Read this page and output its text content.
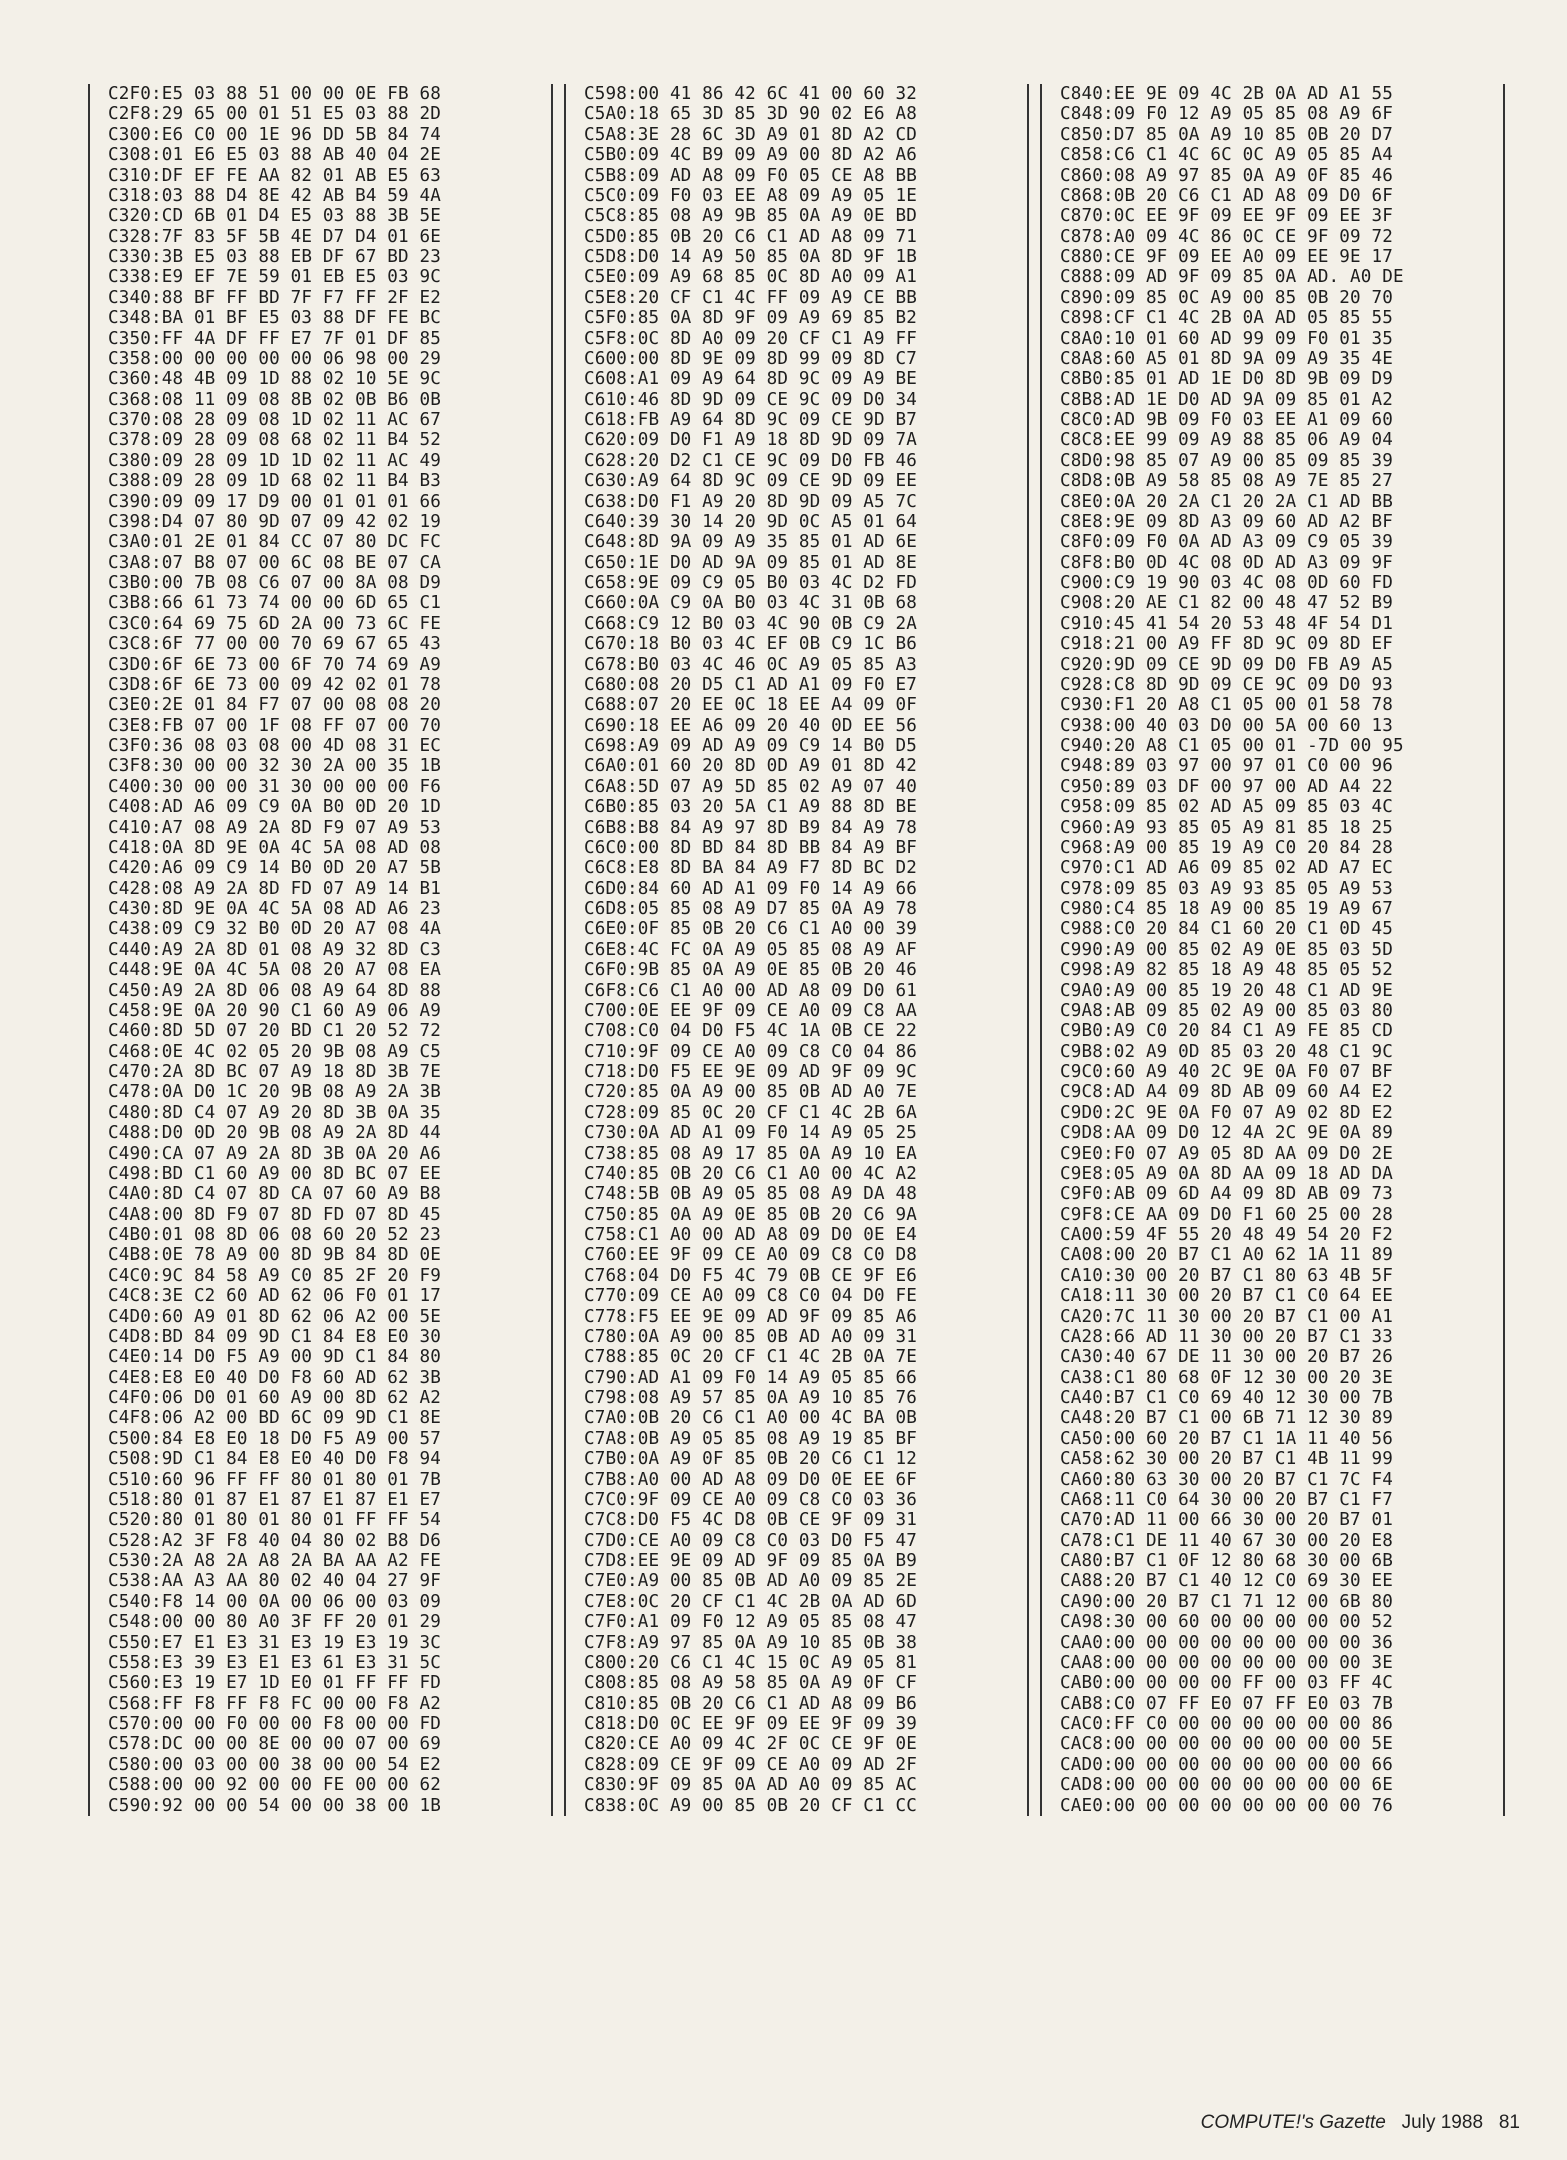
C2F0:E5 03 88 51 00 00 0E FB 68
C2F8:29 65 00 01 51 E5 03 88 2D
C300:E6 C0 00 1E 96 DD 5B 84 74
C308:01 E6 E5 03 88 AB 40 04 2E
C310:DF EF FE AA 82 01 AB E5 63
C318:03 88 D4 8E 42 AB B4 59 4A
C320:CD 6B 01 D4 E5 03 88 3B 5E
C328:7F 83 5F 5B 4E D7 D4 01 6E
C330:3B E5 03 88 EB DF 67 BD 23
C338:E9 EF 7E 59 01 EB E5 03 9C
C340:88 BF FF BD 7F F7 FF 2F E2
C348:BA 01 BF E5 03 88 DF FE BC
C350:FF 4A DF FF E7 7F 01 DF 85
C358:00 00 00 00 00 06 98 00 29
C360:48 4B 09 1D 88 02 10 5E 9C
C368:08 11 09 08 8B 02 0B B6 0B
C370:08 28 09 08 1D 02 11 AC 67
C378:09 28 09 08 68 02 11 B4 52
C380:09 28 09 1D 1D 02 11 AC 49
C388:09 28 09 1D 68 02 11 B4 B3
C390:09 09 17 D9 00 01 01 01 66
C398:D4 07 80 9D 07 09 42 02 19
C3A0:01 2E 01 84 CC 07 80 DC FC
C3A8:07 B8 07 00 6C 08 BE 07 CA
C3B0:00 7B 08 C6 07 00 8A 08 D9
C3B8:66 61 73 74 00 00 6D 65 C1
C3C0:64 69 75 6D 2A 00 73 6C FE
C3C8:6F 77 00 00 70 69 67 65 43
C3D0:6F 6E 73 00 6F 70 74 69 A9
C3D8:6F 6E 73 00 09 42 02 01 78
C3E0:2E 01 84 F7 07 00 08 08 20
C3E8:FB 07 00 1F 08 FF 07 00 70
C3F0:36 08 03 08 00 4D 08 31 EC
C3F8:30 00 00 32 30 2A 00 35 1B
C400:30 00 00 31 30 00 00 00 F6
C408:AD A6 09 C9 0A B0 0D 20 1D
C410:A7 08 A9 2A 8D F9 07 A9 53
C418:0A 8D 9E 0A 4C 5A 08 AD 08
C420:A6 09 C9 14 B0 0D 20 A7 5B
C428:08 A9 2A 8D FD 07 A9 14 B1
C430:8D 9E 0A 4C 5A 08 AD A6 23
C438:09 C9 32 B0 0D 20 A7 08 4A
C440:A9 2A 8D 01 08 A9 32 8D C3
C448:9E 0A 4C 5A 08 20 A7 08 EA
C450:A9 2A 8D 06 08 A9 64 8D 88
C458:9E 0A 20 90 C1 60 A9 06 A9
C460:8D 5D 07 20 BD C1 20 52 72
C468:0E 4C 02 05 20 9B 08 A9 C5
C470:2A 8D BC 07 A9 18 8D 3B 7E
C478:0A D0 1C 20 9B 08 A9 2A 3B
C480:8D C4 07 A9 20 8D 3B 0A 35
C488:D0 0D 20 9B 08 A9 2A 8D 44
C490:CA 07 A9 2A 8D 3B 0A 20 A6
C498:BD C1 60 A9 00 8D BC 07 EE
C4A0:8D C4 07 8D CA 07 60 A9 B8
C4A8:00 8D F9 07 8D FD 07 8D 45
C4B0:01 08 8D 06 08 60 20 52 23
C4B8:0E 78 A9 00 8D 9B 84 8D 0E
C4C0:9C 84 58 A9 C0 85 2F 20 F9
C4C8:3E C2 60 AD 62 06 F0 01 17
C4D0:60 A9 01 8D 62 06 A2 00 5E
C4D8:BD 84 09 9D C1 84 E8 E0 30
C4E0:14 D0 F5 A9 00 9D C1 84 80
C4E8:E8 E0 40 D0 F8 60 AD 62 3B
C4F0:06 D0 01 60 A9 00 8D 62 A2
C4F8:06 A2 00 BD 6C 09 9D C1 8E
C500:84 E8 E0 18 D0 F5 A9 00 57
C508:9D C1 84 E8 E0 40 D0 F8 94
C510:60 96 FF FF 80 01 80 01 7B
C518:80 01 87 E1 87 E1 87 E1 E7
C520:80 01 80 01 80 01 FF FF 54
C528:A2 3F F8 40 04 80 02 B8 D6
C530:2A A8 2A A8 2A BA AA A2 FE
C538:AA A3 AA 80 02 40 04 27 9F
C540:F8 14 00 0A 00 06 00 03 09
C548:00 00 80 A0 3F FF 20 01 29
C550:E7 E1 E3 31 E3 19 E3 19 3C
C558:E3 39 E3 E1 E3 61 E3 31 5C
C560:E3 19 E7 1D E0 01 FF FF FD
C568:FF F8 FF F8 FC 00 00 F8 A2
C570:00 00 F0 00 00 F8 00 00 FD
C578:DC 00 00 8E 00 00 07 00 69
C580:00 03 00 00 38 00 00 54 E2
C588:00 00 92 00 00 FE 00 00 62
C590:92 00 00 54 00 00 38 00 1B
C598:00 41 86 42 6C 41 00 60 32
C5A0:18 65 3D 85 3D 90 02 E6 A8
C5A8:3E 28 6C 3D A9 01 8D A2 CD
C5B0:09 4C B9 09 A9 00 8D A2 A6
C5B8:09 AD A8 09 F0 05 CE A8 BB
C5C0:09 F0 03 EE A8 09 A9 05 1E
C5C8:85 08 A9 9B 85 0A A9 0E BD
C5D0:85 0B 20 C6 C1 AD A8 09 71
C5D8:D0 14 A9 50 85 0A 8D 9F 1B
C5E0:09 A9 68 85 0C 8D A0 09 A1
C5E8:20 CF C1 4C FF 09 A9 CE BB
C5F0:85 0A 8D 9F 09 A9 69 85 B2
C5F8:0C 8D A0 09 20 CF C1 A9 FF
C600:00 8D 9E 09 8D 99 09 8D C7
C608:A1 09 A9 64 8D 9C 09 A9 BE
C610:46 8D 9D 09 CE 9C 09 D0 34
C618:FB A9 64 8D 9C 09 CE 9D B7
C620:09 D0 F1 A9 18 8D 9D 09 7A
C628:20 D2 C1 CE 9C 09 D0 FB 46
C630:A9 64 8D 9C 09 CE 9D 09 EE
C638:D0 F1 A9 20 8D 9D 09 A5 7C
C640:39 30 14 20 9D 0C A5 01 64
C648:8D 9A 09 A9 35 85 01 AD 6E
C650:1E D0 AD 9A 09 85 01 AD 8E
C658:9E 09 C9 05 B0 03 4C D2 FD
C660:0A C9 0A B0 03 4C 31 0B 68
C668:C9 12 B0 03 4C 90 0B C9 2A
C670:18 B0 03 4C EF 0B C9 1C B6
C678:B0 03 4C 46 0C A9 05 85 A3
C680:08 20 D5 C1 AD A1 09 F0 E7
C688:07 20 EE 0C 18 EE A4 09 0F
C690:18 EE A6 09 20 40 0D EE 56
C698:A9 09 AD A9 09 C9 14 B0 D5
C6A0:01 60 20 8D 0D A9 01 8D 42
C6A8:5D 07 A9 5D 85 02 A9 07 40
C6B0:85 03 20 5A C1 A9 88 8D BE
C6B8:B8 84 A9 97 8D B9 84 A9 78
C6C0:00 8D BD 84 8D BB 84 A9 BF
C6C8:E8 8D BA 84 A9 F7 8D BC D2
C6D0:84 60 AD A1 09 F0 14 A9 66
C6D8:05 85 08 A9 D7 85 0A A9 78
C6E0:0F 85 0B 20 C6 C1 A0 00 39
C6E8:4C FC 0A A9 05 85 08 A9 AF
C6F0:9B 85 0A A9 0E 85 0B 20 46
C6F8:C6 C1 A0 00 AD A8 09 D0 61
C700:0E EE 9F 09 CE A0 09 C8 AA
C708:C0 04 D0 F5 4C 1A 0B CE 22
C710:9F 09 CE A0 09 C8 C0 04 86
C718:D0 F5 EE 9E 09 AD 9F 09 9C
C720:85 0A A9 00 85 0B AD A0 7E
C728:09 85 0C 20 CF C1 4C 2B 6A
C730:0A AD A1 09 F0 14 A9 05 25
C738:85 08 A9 17 85 0A A9 10 EA
C740:85 0B 20 C6 C1 A0 00 4C A2
C748:5B 0B A9 05 85 08 A9 DA 48
C750:85 0A A9 0E 85 0B 20 C6 9A
C758:C1 A0 00 AD A8 09 D0 0E E4
C760:EE 9F 09 CE A0 09 C8 C0 D8
C768:04 D0 F5 4C 79 0B CE 9F E6
C770:09 CE A0 09 C8 C0 04 D0 FE
C778:F5 EE 9E 09 AD 9F 09 85 A6
C780:0A A9 00 85 0B AD A0 09 31
C788:85 0C 20 CF C1 4C 2B 0A 7E
C790:AD A1 09 F0 14 A9 05 85 66
C798:08 A9 57 85 0A A9 10 85 76
C7A0:0B 20 C6 C1 A0 00 4C BA 0B
C7A8:0B A9 05 85 08 A9 19 85 BF
C7B0:0A A9 0F 85 0B 20 C6 C1 12
C7B8:A0 00 AD A8 09 D0 0E EE 6F
C7C0:9F 09 CE A0 09 C8 C0 03 36
C7C8:D0 F5 4C D8 0B CE 9F 09 31
C7D0:CE A0 09 C8 C0 03 D0 F5 47
C7D8:EE 9E 09 AD 9F 09 85 0A B9
C7E0:A9 00 85 0B AD A0 09 85 2E
C7E8:0C 20 CF C1 4C 2B 0A AD 6D
C7F0:A1 09 F0 12 A9 05 85 08 47
C7F8:A9 97 85 0A A9 10 85 0B 38
C800:20 C6 C1 4C 15 0C A9 05 81
C808:85 08 A9 58 85 0A A9 0F CF
C810:85 0B 20 C6 C1 AD A8 09 B6
C818:D0 0C EE 9F 09 EE 9F 09 39
C820:CE A0 09 4C 2F 0C CE 9F 0E
C828:09 CE 9F 09 CE A0 09 AD 2F
C830:9F 09 85 0A AD A0 09 85 AC
C838:0C A9 00 85 0B 20 CF C1 CC
C840:EE 9E 09 4C 2B 0A AD A1 55
C848:09 F0 12 A9 05 85 08 A9 6F
C850:D7 85 0A A9 10 85 0B 20 D7
C858:C6 C1 4C 6C 0C A9 05 85 A4
C860:08 A9 97 85 0A A9 0F 85 46
C868:0B 20 C6 C1 AD A8 09 D0 6F
C870:0C EE 9F 09 EE 9F 09 EE 3F
C878:A0 09 4C 86 0C CE 9F 09 72
C880:CE 9F 09 EE A0 09 EE 9E 17
C888:09 AD 9F 09 85 0A AD. A0 DE
C890:09 85 0C A9 00 85 0B 20 70
C898:CF C1 4C 2B 0A AD 05 85 55
C8A0:10 01 60 AD 99 09 F0 01 35
C8A8:60 A5 01 8D 9A 09 A9 35 4E
C8B0:85 01 AD 1E D0 8D 9B 09 D9
C8B8:AD 1E D0 AD 9A 09 85 01 A2
C8C0:AD 9B 09 F0 03 EE A1 09 60
C8C8:EE 99 09 A9 88 85 06 A9 04
C8D0:98 85 07 A9 00 85 09 85 39
C8D8:0B A9 58 85 08 A9 7E 85 27
C8E0:0A 20 2A C1 20 2A C1 AD BB
C8E8:9E 09 8D A3 09 60 AD A2 BF
C8F0:09 F0 0A AD A3 09 C9 05 39
C8F8:B0 0D 4C 08 0D AD A3 09 9F
C900:C9 19 90 03 4C 08 0D 60 FD
C908:20 AE C1 82 00 48 47 52 B9
C910:45 41 54 20 53 48 4F 54 D1
C918:21 00 A9 FF 8D 9C 09 8D EF
C920:9D 09 CE 9D 09 D0 FB A9 A5
C928:C8 8D 9D 09 CE 9C 09 D0 93
C930:F1 20 A8 C1 05 00 01 58 78
C938:00 40 03 D0 00 5A 00 60 13
C940:20 A8 C1 05 00 01 -7D 00 95
C948:89 03 97 00 97 01 C0 00 96
C950:89 03 DF 00 97 00 AD A4 22
C958:09 85 02 AD A5 09 85 03 4C
C960:A9 93 85 05 A9 81 85 18 25
C968:A9 00 85 19 A9 C0 20 84 28
C970:C1 AD A6 09 85 02 AD A7 EC
C978:09 85 03 A9 93 85 05 A9 53
C980:C4 85 18 A9 00 85 19 A9 67
C988:C0 20 84 C1 60 20 C1 0D 45
C990:A9 00 85 02 A9 0E 85 03 5D
C998:A9 82 85 18 A9 48 85 05 52
C9A0:A9 00 85 19 20 48 C1 AD 9E
C9A8:AB 09 85 02 A9 00 85 03 80
C9B0:A9 C0 20 84 C1 A9 FE 85 CD
C9B8:02 A9 0D 85 03 20 48 C1 9C
C9C0:60 A9 40 2C 9E 0A F0 07 BF
C9C8:AD A4 09 8D AB 09 60 A4 E2
C9D0:2C 9E 0A F0 07 A9 02 8D E2
C9D8:AA 09 D0 12 4A 2C 9E 0A 89
C9E0:F0 07 A9 05 8D AA 09 D0 2E
C9E8:05 A9 0A 8D AA 09 18 AD DA
C9F0:AB 09 6D A4 09 8D AB 09 73
C9F8:CE AA 09 D0 F1 60 25 00 28
CA00:59 4F 55 20 48 49 54 20 F2
CA08:00 20 B7 C1 A0 62 1A 11 89
CA10:30 00 20 B7 C1 80 63 4B 5F
CA18:11 30 00 20 B7 C1 C0 64 EE
CA20:7C 11 30 00 20 B7 C1 00 A1
CA28:66 AD 11 30 00 20 B7 C1 33
CA30:40 67 DE 11 30 00 20 B7 26
CA38:C1 80 68 0F 12 30 00 20 3E
CA40:B7 C1 C0 69 40 12 30 00 7B
CA48:20 B7 C1 00 6B 71 12 30 89
CA50:00 60 20 B7 C1 1A 11 40 56
CA58:62 30 00 20 B7 C1 4B 11 99
CA60:80 63 30 00 20 B7 C1 7C F4
CA68:11 C0 64 30 00 20 B7 C1 F7
CA70:AD 11 00 66 30 00 20 B7 01
CA78:C1 DE 11 40 67 30 00 20 E8
CA80:B7 C1 0F 12 80 68 30 00 6B
CA88:20 B7 C1 40 12 C0 69 30 EE
CA90:00 20 B7 C1 71 12 00 6B 80
CA98:30 00 60 00 00 00 00 00 52
CAA0:00 00 00 00 00 00 00 00 36
CAA8:00 00 00 00 00 00 00 00 3E
CAB0:00 00 00 00 FF 00 03 FF 4C
CAB8:C0 07 FF E0 07 FF E0 03 7B
CAC0:FF C0 00 00 00 00 00 00 86
CAC8:00 00 00 00 00 00 00 00 5E
CAD0:00 00 00 00 00 00 00 00 66
CAD8:00 00 00 00 00 00 00 00 6E
CAE0:00 00 00 00 00 00 00 00 76
COMPUTE!'s Gazette July 1988 81
